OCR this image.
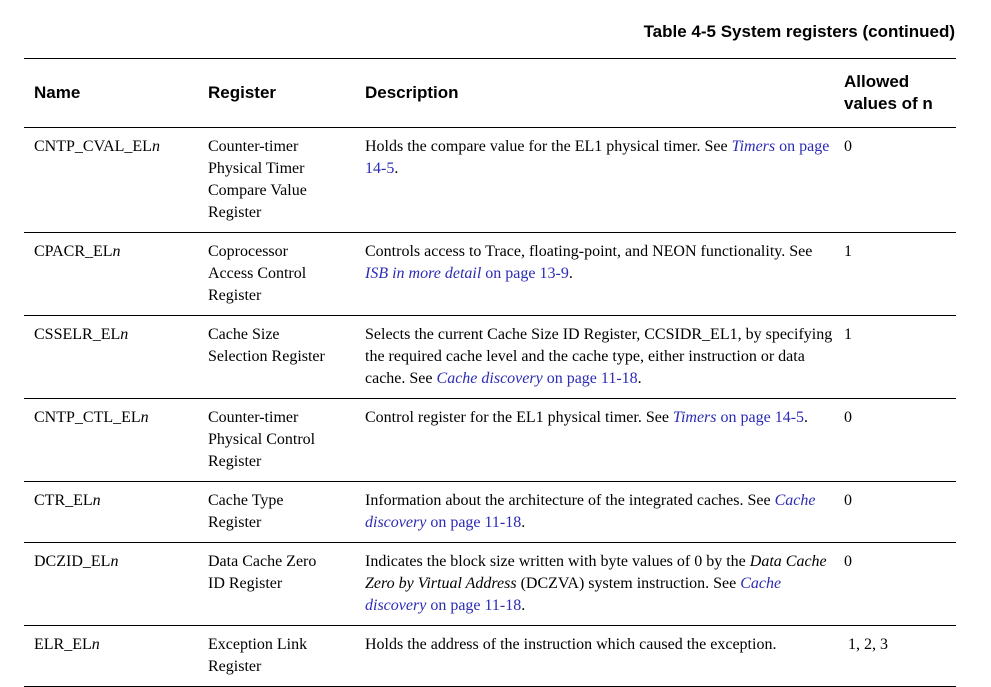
Table 4-5 System registers (continued)
Name	Register	Description	Allowed
values of n
CNTP_CVAL_ELn	Counter-timer
Physical Timer
Compare Value
Register	Holds the compare value for the EL1 physical timer. See Timers on page 14-5.	0
CPACR_ELn	Coprocessor
Access Control
Register	Controls access to Trace, floating-point, and NEON functionality. See ISB in more detail on page 13-9.	1
CSSELR_ELn	Cache Size
Selection Register	Selects the current Cache Size ID Register, CCSIDR_EL1, by specifying the required cache level and the cache type, either instruction or data cache. See Cache discovery on page 11-18.	1
CNTP_CTL_ELn	Counter-timer
Physical Control
Register	Control register for the EL1 physical timer. See Timers on page 14-5.	0
CTR_ELn	Cache Type
Register	Information about the architecture of the integrated caches. See Cache discovery on page 11-18.	0
DCZID_ELn	Data Cache Zero
ID Register	Indicates the block size written with byte values of 0 by the Data Cache Zero by Virtual Address (DCZVA) system instruction. See Cache discovery on page 11-18.	0
ELR_ELn	Exception Link
Register	Holds the address of the instruction which caused the exception.	1, 2, 3
